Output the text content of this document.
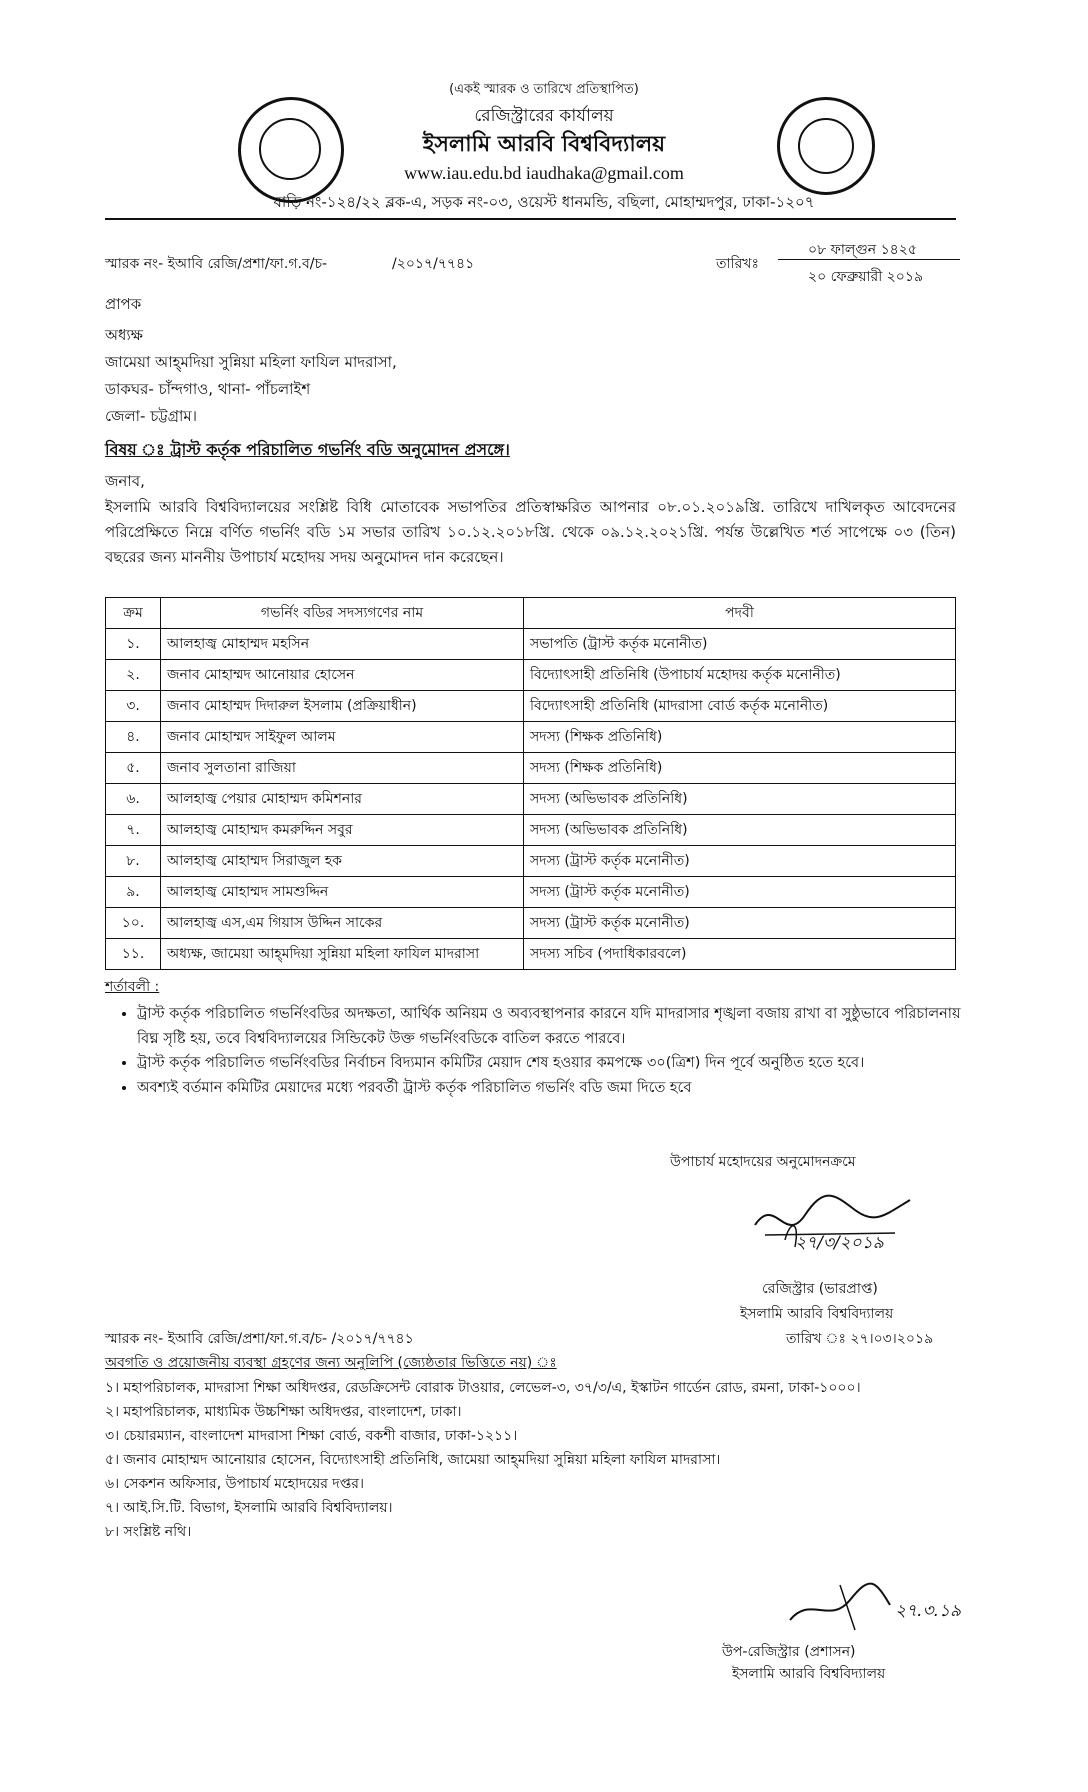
(একই স্মারক ও তারিখে প্রতিস্থাপিত)
রেজিস্ট্রারের কার্যালয়
ইসলামি আরবি বিশ্ববিদ্যালয়
www.iau.edu.bd iaudhaka@gmail.com
বাড়ি নং-১২৪/২২ ব্লক-এ, সড়ক নং-০৩, ওয়েস্ট ধানমন্ডি, বছিলা, মোহাম্মদপুর, ঢাকা-১২০৭
স্মারক নং- ইআবি রেজি/প্রশা/ফা.গ.ব/চ-	/২০১৭/৭৭৪১	তারিখঃ
০৮ ফাল্গুন ১৪২৫
২০ ফেব্রুয়ারী ২০১৯
প্রাপক
অধ্যক্ষ
জামেয়া আহ্‌মদিয়া সুন্নিয়া মহিলা ফাযিল মাদরাসা,
ডাকঘর- চাঁন্দগাও, থানা- পাঁচলাইশ
জেলা- চট্টগ্রাম।
বিষয় ঃ ট্রাস্ট কর্তৃক পরিচালিত গভর্নিং বডি অনুমোদন প্রসঙ্গে।
জনাব,

ইসলামি আরবি বিশ্ববিদ্যালয়ের সংশ্লিষ্ট বিধি মোতাবেক সভাপতির প্রতিস্বাক্ষরিত আপনার ০৮.০১.২০১৯খ্রি. তারিখে দাখিলকৃত আবেদনের পরিপ্রেক্ষিতে নিম্নে বর্ণিত গভর্নিং বডি ১ম সভার তারিখ ১০.১২.২০১৮খ্রি. থেকে ০৯.১২.২০২১খ্রি. পর্যন্ত উল্লেখিত শর্ত সাপেক্ষে ০৩ (তিন) বছরের জন্য মাননীয় উপাচার্য মহোদয় সদয় অনুমোদন দান করেছেন।

ক্রম	গভর্নিং বডির সদস্যগণের নাম	পদবী
১.	আলহাজ্ব মোহাম্মদ মহসিন	সভাপতি (ট্রাস্ট কর্তৃক মনোনীত)
২.	জনাব মোহাম্মদ আনোয়ার হোসেন	বিদ্যোৎসাহী প্রতিনিধি (উপাচার্য মহোদয় কর্তৃক মনোনীত)
৩.	জনাব মোহাম্মদ দিদারুল ইসলাম (প্রক্রিয়াধীন)	বিদ্যোৎসাহী প্রতিনিধি (মাদরাসা বোর্ড কর্তৃক মনোনীত)
৪.	জনাব মোহাম্মদ সাইফুল আলম	সদস্য (শিক্ষক প্রতিনিধি)
৫.	জনাব সুলতানা রাজিয়া	সদস্য (শিক্ষক প্রতিনিধি)
৬.	আলহাজ্ব পেয়ার মোহাম্মদ কমিশনার	সদস্য (অভিভাবক প্রতিনিধি)
৭.	আলহাজ্ব মোহাম্মদ কমরুদ্দিন সবুর	সদস্য (অভিভাবক প্রতিনিধি)
৮.	আলহাজ্ব মোহাম্মদ সিরাজুল হক	সদস্য (ট্রাস্ট কর্তৃক মনোনীত)
৯.	আলহাজ্ব মোহাম্মদ সামশুদ্দিন	সদস্য (ট্রাস্ট কর্তৃক মনোনীত)
১০.	আলহাজ্ব এস,এম গিয়াস উদ্দিন সাকের	সদস্য (ট্রাস্ট কর্তৃক মনোনীত)
১১.	অধ্যক্ষ, জামেয়া আহ্‌মদিয়া সুন্নিয়া মহিলা ফাযিল মাদরাসা	সদস্য সচিব (পদাধিকারবলে)
শর্তাবলী :
• ট্রাস্ট কর্তৃক পরিচালিত গভর্নিংবডির অদক্ষতা, আর্থিক অনিয়ম ও অব্যবস্থাপনার কারনে যদি মাদরাসার শৃঙ্খলা বজায় রাখা বা সুষ্ঠুভাবে পরিচালনায় বিঘ্ন সৃষ্টি হয়, তবে বিশ্ববিদ্যালয়ের সিন্ডিকেট উক্ত গভর্নিংবডিকে বাতিল করতে পারবে।
• ট্রাস্ট কর্তৃক পরিচালিত গভর্নিংবডির নির্বাচন বিদ্যমান কমিটির মেয়াদ শেষ হওয়ার কমপক্ষে ৩০(ত্রিশ) দিন পূর্বে অনুষ্ঠিত হতে হবে।
• অবশ্যই বর্তমান কমিটির মেয়াদের মধ্যে পরবর্তী ট্রাস্ট কর্তৃক পরিচালিত গভর্নিং বডি জমা দিতে হবে
উপাচার্য মহোদয়ের অনুমোদনক্রমে
২৭/৩/২০১৯
রেজিস্ট্রার (ভারপ্রাপ্ত)
ইসলামি আরবি বিশ্ববিদ্যালয়
স্মারক নং- ইআবি রেজি/প্রশা/ফা.গ.ব/চ- /২০১৭/৭৭৪১	তারিখ ঃ ২৭।০৩।২০১৯
অবগতি ও প্রয়োজনীয় ব্যবস্থা গ্রহণের জন্য অনুলিপি (জ্যেষ্ঠতার ভিত্তিতে নয়) ঃ
১। মহাপরিচালক, মাদরাসা শিক্ষা অধিদপ্তর, রেডক্রিসেন্ট বোরাক টাওয়ার, লেভেল-৩, ৩৭/৩/এ, ইস্কাটন গার্ডেন রোড, রমনা, ঢাকা-১০০০।
২। মহাপরিচালক, মাধ্যমিক উচ্চশিক্ষা অধিদপ্তর, বাংলাদেশ, ঢাকা।
৩। চেয়ারম্যান, বাংলাদেশ মাদরাসা শিক্ষা বোর্ড, বকশী বাজার, ঢাকা-১২১১।
৫। জনাব মোহাম্মদ আনোয়ার হোসেন, বিদ্যোৎসাহী প্রতিনিধি, জামেয়া আহ্‌মদিয়া সুন্নিয়া মহিলা ফাযিল মাদরাসা।
৬। সেকশন অফিসার, উপাচার্য মহোদয়ের দপ্তর।
৭। আই.সি.টি. বিভাগ, ইসলামি আরবি বিশ্ববিদ্যালয়।
৮। সংশ্লিষ্ট নথি।
২৭.৩.১৯
উপ-রেজিস্ট্রার (প্রশাসন)
ইসলামি আরবি বিশ্ববিদ্যালয়
